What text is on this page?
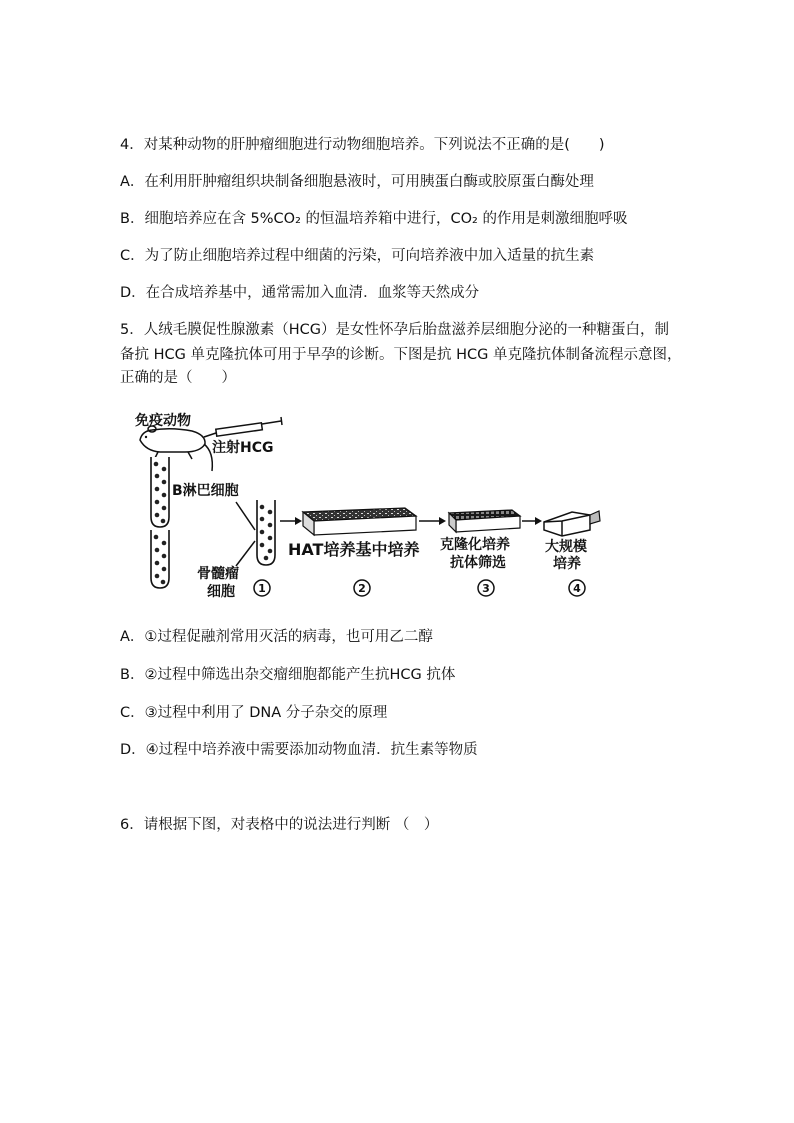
4．对某种动物的肝肿瘤细胞进行动物细胞培养。下列说法不正确的是(　　)
A．在利用肝肿瘤组织块制备细胞悬液时，可用胰蛋白酶或胶原蛋白酶处理
B．细胞培养应在含 5%CO₂ 的恒温培养箱中进行，CO₂ 的作用是刺激细胞呼吸
C．为了防止细胞培养过程中细菌的污染，可向培养液中加入适量的抗生素
D．在合成培养基中，通常需加入血清．血浆等天然成分
5．人绒毛膜促性腺激素（HCG）是女性怀孕后胎盘滋养层细胞分泌的一种糖蛋白，制
备抗 HCG 单克隆抗体可用于早孕的诊断。下图是抗 HCG 单克隆抗体制备流程示意图，
正确的是（　　）
免疫动物
注射HCG
B淋巴细胞
骨髓瘤
细胞 1
HAT培养基中培养
2
克隆化培养
抗体筛选
3
大规模
培养
4
A．①过程促融剂常用灭活的病毒，也可用乙二醇
B．②过程中筛选出杂交瘤细胞都能产生抗HCG 抗体
C．③过程中利用了 DNA 分子杂交的原理
D．④过程中培养液中需要添加动物血清．抗生素等物质
6．请根据下图，对表格中的说法进行判断 （　）
